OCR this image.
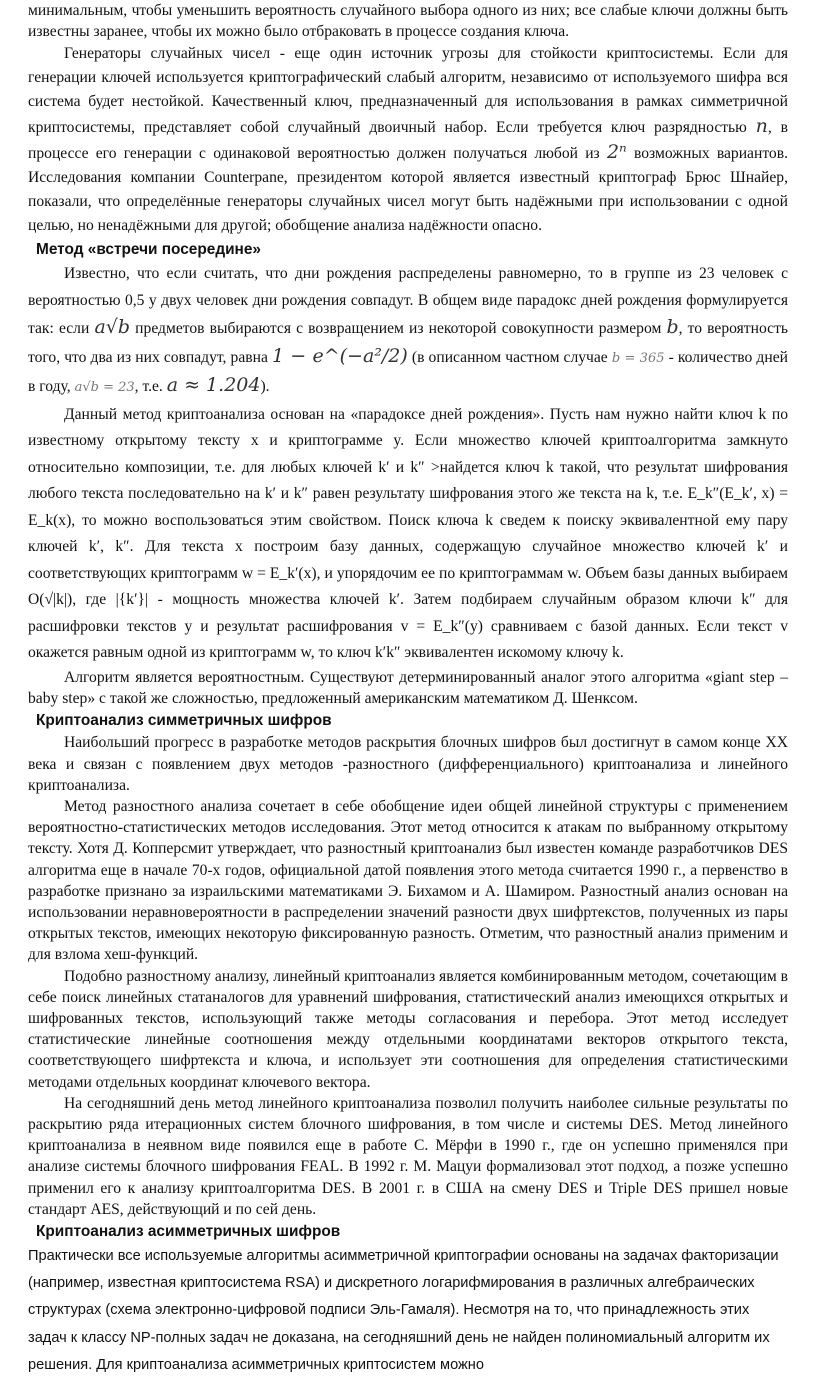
минимальным, чтобы уменьшить вероятность случайного выбора одного из них; все слабые ключи должны быть известны заранее, чтобы их можно было отбраковать в процессе создания ключа.

Генераторы случайных чисел - еще один источник угрозы для стойкости криптосистемы. Если для генерации ключей используется криптографический слабый алгоритм, независимо от используемого шифра вся система будет нестойкой. Качественный ключ, предназначенный для использования в рамках симметричной криптосистемы, представляет собой случайный двоичный набор. Если требуется ключ разрядностью n, в процессе его генерации с одинаковой вероятностью должен получаться любой из 2ⁿ возможных вариантов. Исследования компании Counterpane, президентом которой является известный криптограф Брюс Шнайер, показали, что определённые генераторы случайных чисел могут быть надёжными при использовании с одной целью, но ненадёжными для другой; обобщение анализа надёжности опасно.

Метод «встречи посередине»

Известно, что если считать, что дни рождения распределены равномерно, то в группе из 23 человек с вероятностью 0,5 у двух человек дни рождения совпадут. В общем виде парадокс дней рождения формулируется так: если a√b предметов выбираются с возвращением из некоторой совокупности размером b, то вероятность того, что два из них совпадут, равна 1 − e^(−a²/2) (в описанном частном случае b = 365 - количество дней в году, a√b = 23, т.е. a ≈ 1.204).

Данный метод криптоанализа основан на «парадоксе дней рождения». Пусть нам нужно найти ключ k по известному открытому тексту x и криптограмме y. Если множество ключей криптоалгоритма замкнуто относительно композиции, т.е. для любых ключей k′ и k″ >найдется ключ k такой, что результат шифрования любого текста последовательно на k′ и k″ равен результату шифрования этого же текста на k, т.е. E_k″(E_k′, x) = E_k(x), то можно воспользоваться этим свойством. Поиск ключа k сведем к поиску эквивалентной ему пару ключей k′, k″. Для текста x построим базу данных, содержащую случайное множество ключей k′ и соответствующих криптограмм w = E_k′(x), и упорядочим ее по криптограммам w. Объем базы данных выбираем O(√|k|), где |{k′}| - мощность множества ключей k′. Затем подбираем случайным образом ключи k″ для расшифровки текстов y и результат расшифрования v = E_k″(y) сравниваем с базой данных. Если текст v окажется равным одной из криптограмм w, то ключ k′k″ эквивалентен искомому ключу k.

Алгоритм является вероятностным. Существуют детерминированный аналог этого алгоритма «giant step – baby step» с такой же сложностью, предложенный американским математиком Д. Шенксом.

Криптоанализ симметричных шифров

Наибольший прогресс в разработке методов раскрытия блочных шифров был достигнут в самом конце XX века и связан с появлением двух методов -разностного (дифференциального) криптоанализа и линейного криптоанализа.

Метод разностного анализа сочетает в себе обобщение идеи общей линейной структуры с применением вероятностно-статистических методов исследования. Этот метод относится к атакам по выбранному открытому тексту. Хотя Д. Копперсмит утверждает, что разностный криптоанализ был известен команде разработчиков DES алгоритма еще в начале 70-х годов, официальной датой появления этого метода считается 1990 г., а первенство в разработке признано за израильскими математиками Э. Бихамом и А. Шамиром. Разностный анализ основан на использовании неравновероятности в распределении значений разности двух шифртекстов, полученных из пары открытых текстов, имеющих некоторую фиксированную разность. Отметим, что разностный анализ применим и для взлома хеш-функций.

Подобно разностному анализу, линейный криптоанализ является комбинированным методом, сочетающим в себе поиск линейных статаналогов для уравнений шифрования, статистический анализ имеющихся открытых и шифрованных текстов, использующий также методы согласования и перебора. Этот метод исследует статистические линейные соотношения между отдельными координатами векторов открытого текста, соответствующего шифртекста и ключа, и использует эти соотношения для определения статистическими методами отдельных координат ключевого вектора.

На сегодняшний день метод линейного криптоанализа позволил получить наиболее сильные результаты по раскрытию ряда итерационных систем блочного шифрования, в том числе и системы DES. Метод линейного криптоанализа в неявном виде появился еще в работе С. Мёрфи в 1990 г., где он успешно применялся при анализе системы блочного шифрования FEAL. В 1992 г. М. Мацуи формализовал этот подход, а позже успешно применил его к анализу криптоалгоритма DES. В 2001 г. в США на смену DES и Triple DES пришел новые стандарт AES, действующий и по сей день.

Криптоанализ асимметричных шифров

Практически все используемые алгоритмы асимметричной криптографии основаны на задачах факторизации (например, известная криптосистема RSA) и дискретного логарифмирования в различных алгебраических структурах (схема электронно-цифровой подписи Эль-Гамаля). Несмотря на то, что принадлежность этих задач к классу NP-полных задач не доказана, на сегодняшний день не найден полиномиальный алгоритм их решения. Для криптоанализа асимметричных криптосистем можно
